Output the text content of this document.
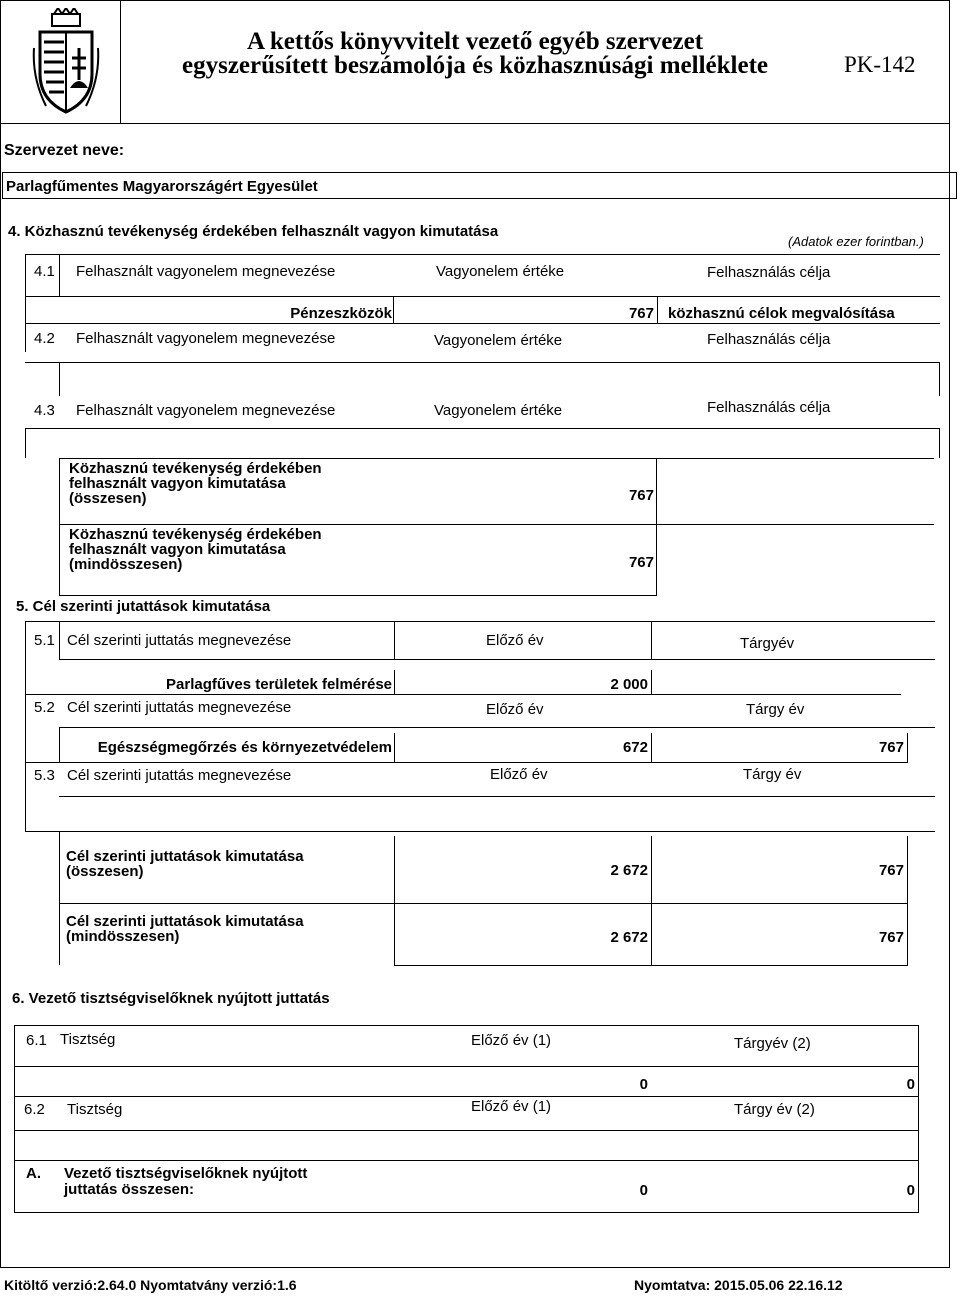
A kettős könyvvitelt vezető egyéb szervezet
egyszerűsített beszámolója és közhasznúsági melléklete	PK-142
Szervezet neve:
Parlagfűmentes Magyarországért Egyesület
4. Közhasznú tevékenység érdekében felhasznált vagyon kimutatása
(Adatok ezer forintban.)
4.1 Felhasznált vagyonelem megnevezése	Vagyonelem értéke	Felhasználás célja
Pénzeszközök	767 közhasznú célok megvalósítása
4.2 Felhasznált vagyonelem megnevezése	Vagyonelem értéke	Felhasználás célja
4.3 Felhasznált vagyonelem megnevezése	Vagyonelem értéke	Felhasználás célja
Közhasznú tevékenység érdekében
felhasznált vagyon kimutatása
(összesen)	767
Közhasznú tevékenység érdekében
felhasznált vagyon kimutatása
(mindösszesen)	767
5. Cél szerinti jutattások kimutatása
5.1 Cél szerinti juttatás megnevezése	Előző év	Tárgyév
Parlagfűves területek felmérése	2 000
5.2 Cél szerinti juttatás megnevezése	Előző év	Tárgy év
Egészségmegőrzés és környezetvédelem	672	767
5.3 Cél szerinti jutattás megnevezése	Előző év	Tárgy év
Cél szerinti juttatások kimutatása
(összesen)	2 672	767
Cél szerinti juttatások kimutatása
(mindösszesen)	2 672	767
6. Vezető tisztségviselőknek nyújtott juttatás
6.1 Tisztség	Előző év (1)	Tárgyév (2)
0	0
6.2 Tisztség	Előző év (1)	Tárgy év (2)
A. Vezető tisztségviselőknek nyújtott
juttatás összesen:	0	0
Kitöltő verzió:2.64.0 Nyomtatvány verzió:1.6	Nyomtatva: 2015.05.06 22.16.12
